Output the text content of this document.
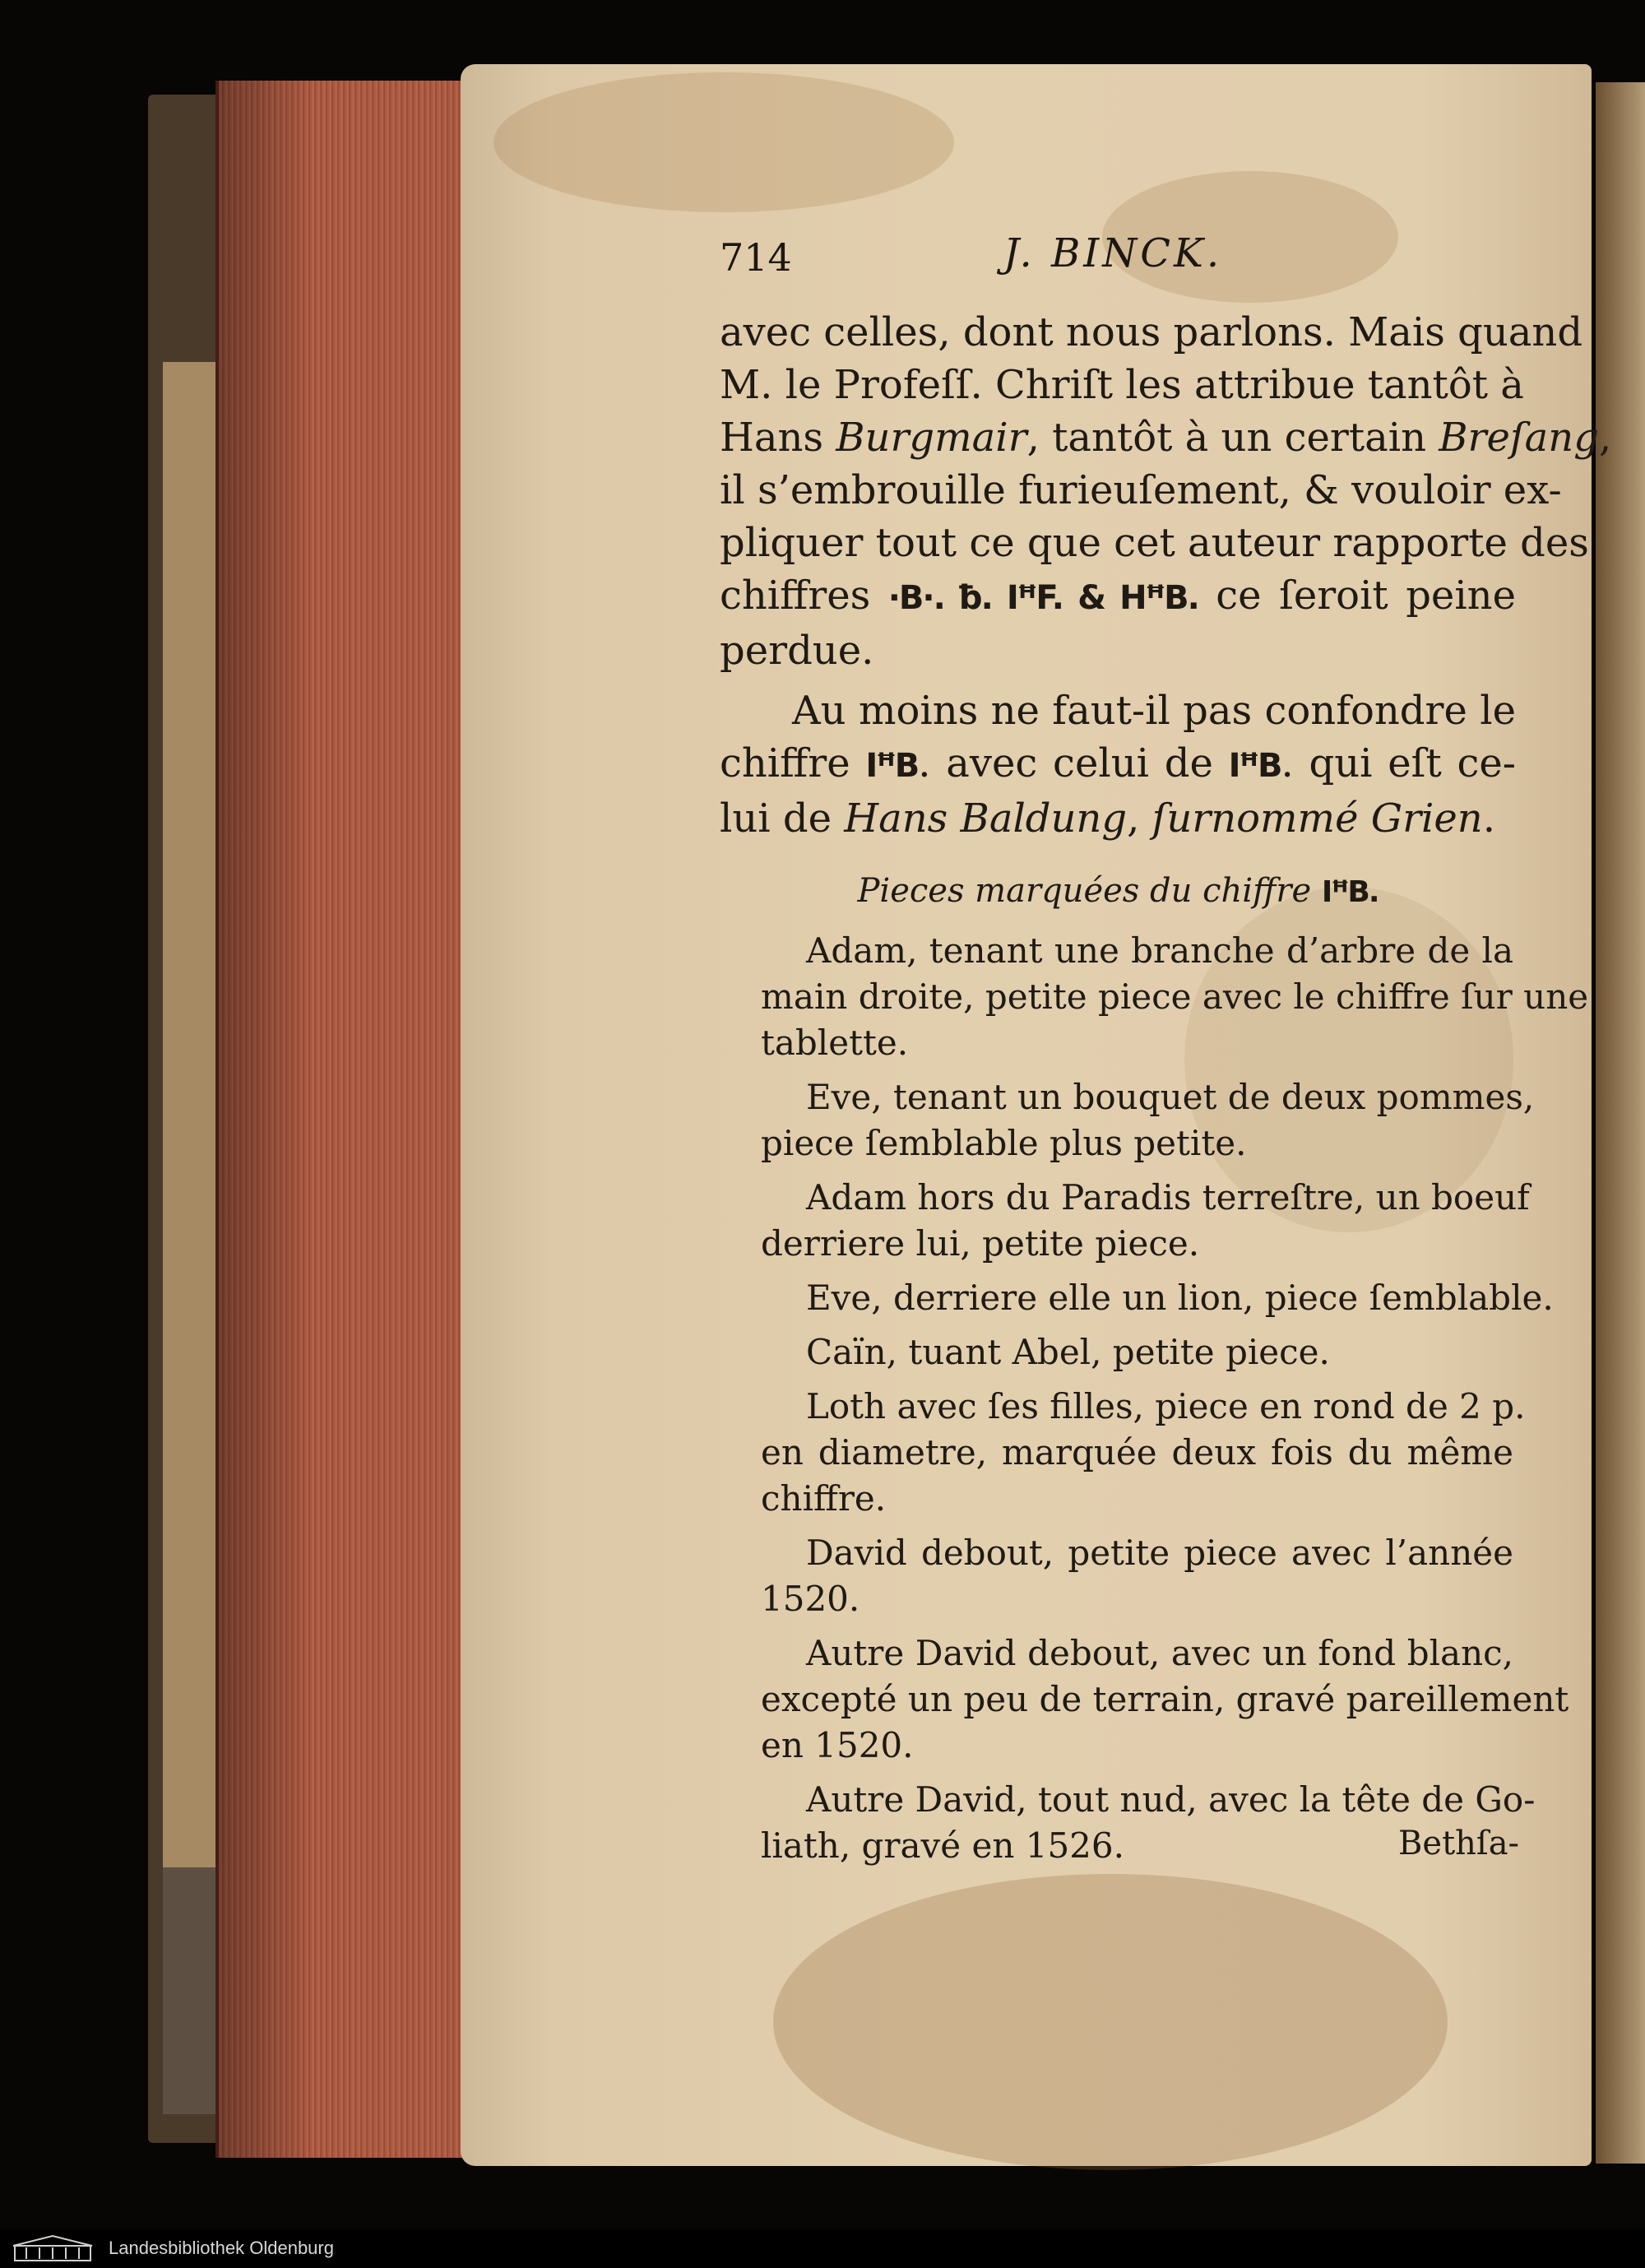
714	J. BINCK.
avec celles, dont nous parlons. Mais quand
M. le Profeſſ. Chriſt les attribue tantôt à
Hans Burgmair, tantôt à un certain Breſang,
il s’embrouille furieuſement, & vouloir ex-
pliquer tout ce que cet auteur rapporte des
chiffres ·B·. ƀ. IꟸF. & HꟸB. ce ſeroit peine
perdue.
Au moins ne faut-il pas confondre le
chiffre IꟸB. avec celui de IꟸB. qui eſt ce-
lui de Hans Baldung, ſurnommé Grien.
Pieces marquées du chiffre IꟸB.
Adam, tenant une branche d’arbre de la
main droite, petite piece avec le chiffre ſur une
tablette.
Eve, tenant un bouquet de deux pommes,
piece ſemblable plus petite.
Adam hors du Paradis terreſtre, un boeuf
derriere lui, petite piece.
Eve, derriere elle un lion, piece ſemblable.
Caïn, tuant Abel, petite piece.
Loth avec ſes filles, piece en rond de 2 p.
en diametre, marquée deux fois du même
chiffre.
David debout, petite piece avec l’année
1520.
Autre David debout, avec un fond blanc,
excepté un peu de terrain, gravé pareillement
en 1520.
Autre David, tout nud, avec la tête de Go-
liath, gravé en 1526.	Bethſa-
Landesbibliothek Oldenburg
